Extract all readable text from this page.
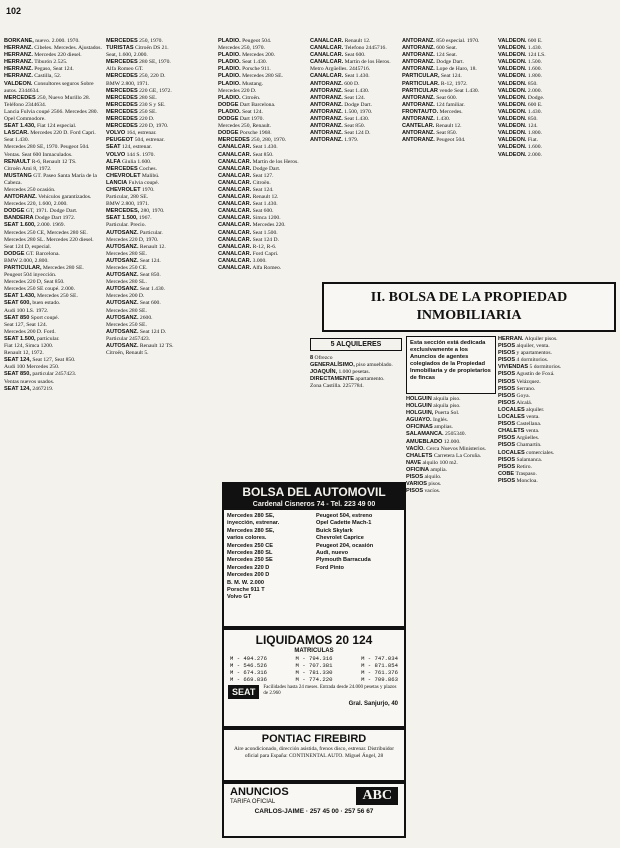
102

BORKANE, nuevo. 2.000. 1970.

HERRANZ. Cibeles. Mercedes. Ajustados.

HERRANZ. Mercedes 220 diesel.

HERRANZ. Tiburón 2.525.

HERRANZ. Pegaso, Seat 124.

HERRANZ. Castilla, 52.

VALDEON. Consultores seguros Sobre autos. 2344634.

MERCEDES 250, Nuevo Murillo 28. Teléfono 2344634.

Lancia Fulvia coupé 2566. Mercedes 280. Opel Commodore.

SEAT 1.430, Fiat 124 especial.

LASCAR. Mercedes 220 D. Ford Capri. Seat 1.430.

Mercedes 280 SE, 1970. Peugeot 504.

Ventas. Seat 600 Inmaculados.

RENAULT R-6, Renault 12 TS.

Citroën Ami 8, 1972.

MUSTANG GT. Paseo Santa María de la Cabeza.

Mercedes 250 ocasión.

ANTORANZ. Vehículos garantizados.

Mercedes 220, 1.600, 2.000.

DODGE GT, 1971. Dodge Dart.

BANDEIRA Dodge Dart 1972.

SEAT 1.600, 2.000. 1969.

Mercedes 250 CE, Mercedes 280 SE.

Mercedes 280 SL. Mercedes 220 diesel.

Seat 124 D, especial.

DODGE GT. Barcelona.

BMW 2.000, 2.800.

PARTICULAR, Mercedes 280 SE.

Peugeot 504 inyección.

Mercedes 220 D, Seat 850.

Mercedes 250 SE coupé. 2.000.

SEAT 1.430, Mercedes 250 SE.

SEAT 600, buen estado.

Audi 100 LS. 1972.

SEAT 850 Sport coupé.

Seat 127, Seat 124.

Mercedes 200 D. Ford.

SEAT 1.500, particular.

Fiat 124, Simca 1200.

Renault 12, 1972.

SEAT 124, Seat 127, Seat 850.

Audi 100 Mercedes 250.

SEAT 850, particular 2457423.

Ventas nuevos usados.

SEAT 124, 2467219.

MERCEDES 250, 1970.

TURISTAS Citroën DS 21.

Seat, 1.600, 2.000.

MERCEDES 280 SE, 1970.

Alfa Romeo GT.

MERCEDES 250, 220 D.

BMW 2.800, 1971.

MERCEDES 220 GE, 1972.

MERCEDES 280 SE.

MERCEDES 230 S y SE.

MERCEDES 250 SE.

MERCEDES 220 D.

MERCEDES 220 D, 1970.

VOLVO 164, estrenar.

PEUGEOT 504, estrenar.

SEAT 124, estrenar.

VOLVO 144 S. 1970.

ALFA Giulia 1.600.

MERCEDES Coches.

CHEVROLET Malibú.

LANCIA Fulvia coupé.

CHEVROLET 1970.

Particular, 280 SE.

BMW 2.800, 1971.

MERCEDES, 280, 1970.

SEAT 1.500, 1967.

Particular. Precio.

AUTOSANZ. Particular.

Mercedes 220 D, 1970.

AUTOSANZ. Renault 12.

Mercedes 280 SE.

AUTOSANZ. Seat 124.

Mercedes 250 CE.

AUTOSANZ. Seat 850.

Mercedes 280 SL.

AUTOSANZ. Seat 1.430.

Mercedes 200 D.

AUTOSANZ. Seat 600.

Mercedes 280 SE.

AUTOSANZ. 2600.

Mercedes 250 SE.

AUTOSANZ. Seat 124 D.

Particular 2457423.

AUTOSANZ. Renault 12 TS.

Citroën, Renault 5.

PLADIO. Peugeot 504.

Mercedes 250, 1970.

PLADIO. Mercedes 200.

PLADIO. Seat 1.430.

PLADIO. Porsche 911.

PLADIO. Mercedes 280 SE.

PLADIO. Mustang.

Mercedes 220 D.

PLADIO. Citroën.

DODGE Dart Barcelona.

PLADIO. Seat 124.

DODGE Dart 1970.

Mercedes 250, Renault.

DODGE Porsche 1968.

MERCEDES 250, 280, 1970.

CANALCAR. Seat 1.430.

CANALCAR. Seat 850.

CANALCAR. Martín de los Heros.

CANALCAR. Dodge Dart.

CANALCAR. Seat 127.

CANALCAR. Citroën.

CANALCAR. Seat 124.

CANALCAR. Renault 12.

CANALCAR. Seat 1.430.

CANALCAR. Seat 600.

CANALCAR. Simca 1200.

CANALCAR. Mercedes 220.

CANALCAR. Seat 1.500.

CANALCAR. Seat 124 D.

CANALCAR. R-12, R-6.

CANALCAR. Ford Capri.

CANALCAR. 3.000.

CANALCAR. Alfa Romeo.

CANALCAR. Renault 12.

CANALCAR. Telefono 2445716.

CANALCAR. Seat 600.

CANALCAR. Martín de los Heros. Metro Argüelles. 2445716.

CANALCAR. Seat 1.430.

ANTORANZ. 600 D.

ANTORANZ. Seat 1.430.

ANTORANZ. Seat 124.

ANTORANZ. Dodge Dart.

ANTORANZ. 1.500, 1970.

ANTORANZ. Seat 1.430.

ANTORANZ. Seat 850.

ANTORANZ. Seat 124 D.

ANTORANZ. 1.979.

ANTORANZ. 850 especial. 1970.

ANTORANZ. 600 Seat.

ANTORANZ. 124 Seat.

ANTORANZ. Dodge Dart.

ANTORANZ. Lope de Haro, 18.

PARTICULAR, Seat 124.

PARTICULAR. R-12, 1972.

PARTICULAR vende Seat 1.430.

ANTORANZ. Seat 600.

ANTORANZ. 124 familiar.

FRONTAUTO. Mercedes.

ANTORANZ. 1.430.

CANTELAR. Renault 12.

ANTORANZ. Seat 850.

ANTORANZ. Peugeot 504.

VALDEON. 600 E.

VALDEON. 1.430.

VALDEON. 124 LS.

VALDEON. 1.500.

VALDEON. 1.600.

VALDEON. 1.800.

VALDEON. 850.

VALDEON. 2.000.

VALDEON. Dodge.

VALDEON. 600 E.

VALDEON. 1.430.

VALDEON. 850.

VALDEON. 124.

VALDEON. 1.800.

VALDEON. Fiat.

VALDEON. 1.600.

VALDEON. 2.000.

II. BOLSA DE LA PROPIEDAD INMOBILIARIA
5 ALQUILERES

8 Ofrezco

GENERALÍSIMO, piso amueblado.

JOAQUÍN, 1.000 pesetas.

DIRECTAMENTE apartamento.

Zona Castilla. 2257784.

Esta sección está dedicada exclusivamente a los Anuncios de agentes colegiados de la Propiedad Inmobiliaria y de propietarios de fincas

HERRAN. Alquiler pisos.

PISOS alquiler, venta.

PISOS y apartamentos.

PISOS 4 dormitorios.

VIVIENDAS 5 dormitorios.

PISOS Agustín de Foxá.

PISOS Velázquez.

PISOS Serrano.

PISOS Goya.

PISOS Alcalá.

LOCALES alquiler.

LOCALES venta.

PISOS Castellana.

CHALETS venta.

PISOS Argüelles.

PISOS Chamartín.

LOCALES comerciales.

PISOS Salamanca.

PISOS Retiro.

COBE Traspaso.

PISOS Moncloa.

HOLGUIN alquila piso.

HOLGUIN alquila piso.

HOLGUIN, Puerta Sol.

AGUAYO. Inglés.

OFICINAS amplias.

SALAMANCA. 2505340.

AMUEBLADO 12.000.

VACÍO. Cerca Nuevos Ministerios.

CHALETS Carretera La Coruña.

NAVE alquilo 100 m2.

OFICINA amplia.

PISOS alquilo.

VARIOS pisos.

PISOS vacíos.

BOLSA DEL AUTOMOVIL
Cardenal Cisneros 74 - Tel. 223 49 00
Mercedes 280 SE,
inyección, estrenar.
Mercedes 280 SE,
varios colores.
Mercedes 250 CE
Mercedes 280 SL
Mercedes 250 SE
Mercedes 220 D
Mercedes 200 D
B. M. W. 2.000
Porsche 911 T
Volvo GT
Peugeot 504, estreno
Opel Cadette Mach-1
Buick Skylark
Chevrolet Caprice
Peugeot 204, ocasión
Audi, nuevo
Plymouth Barracuda
Ford Pinto
LIQUIDAMOS 20 124
MATRICULAS
M - 494.276	M - 794.316	M - 747.034
M - 546.526	M - 707.381	M - 871.854
M - 674.316	M - 781.330	M - 761.376
M - 669.836	M - 774.220	M - 709.863
SEAT	Facilidades hasta 24 meses. Entrada desde 24.000 pesetas y plazos de 2.960
Gral. Sanjurjo, 40
PONTIAC FIREBIRD
Aire acondicionado, dirección asistida, frenos disco, estrenar. Distribuidor oficial para España: CONTINENTAL AUTO. Miguel Ángel, 28
ANUNCIOS
TARIFA OFICIAL	ABC
CARLOS-JAIME · 257 45 00 · 257 56 67
